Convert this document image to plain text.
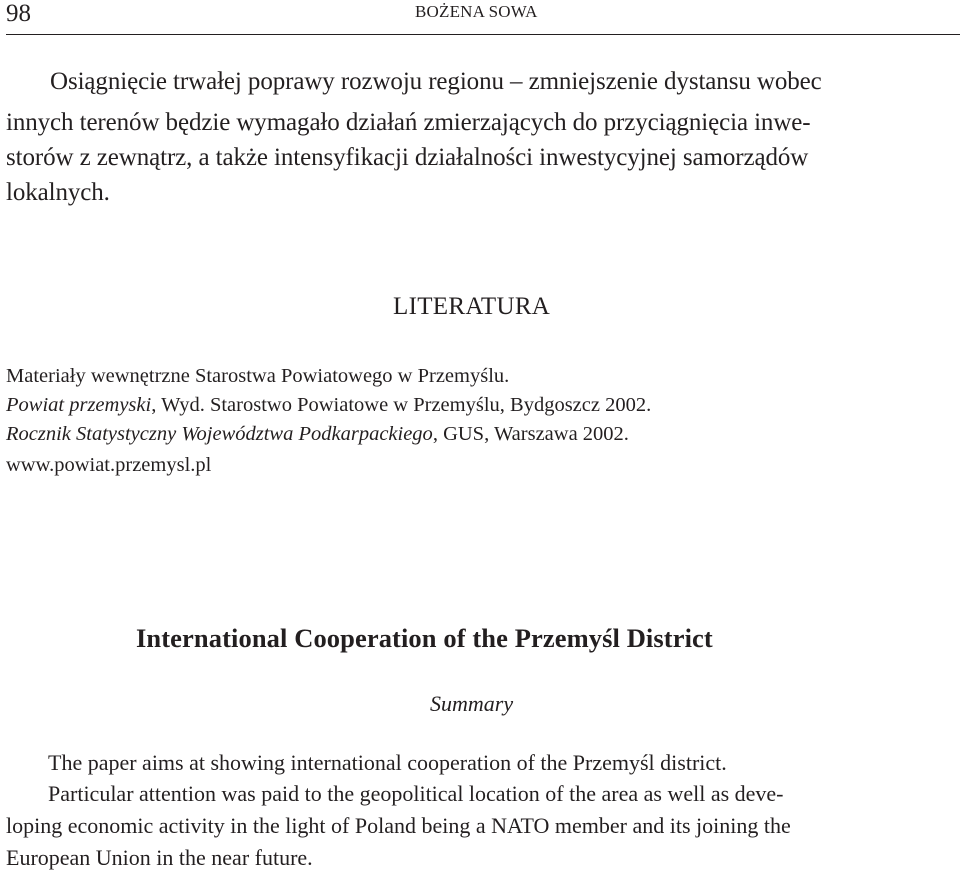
98	BOŻENA SOWA
Osiągnięcie trwałej poprawy rozwoju regionu – zmniejszenie dystansu wobec
innych terenów będzie wymagało działań zmierzających do przyciągnięcia inwe-
storów z zewnątrz, a także intensyfikacji działalności inwestycyjnej samorządów
lokalnych.
LITERATURA
Materiały wewnętrzne Starostwa Powiatowego w Przemyślu.
Powiat przemyski, Wyd. Starostwo Powiatowe w Przemyślu, Bydgoszcz 2002.
Rocznik Statystyczny Województwa Podkarpackiego, GUS, Warszawa 2002.
www.powiat.przemysl.pl
International Cooperation of the Przemyśl District
Summary
The paper aims at showing international cooperation of the Przemyśl district.
Particular attention was paid to the geopolitical location of the area as well as deve-
loping economic activity in the light of Poland being a NATO member and its joining the
European Union in the near future.
